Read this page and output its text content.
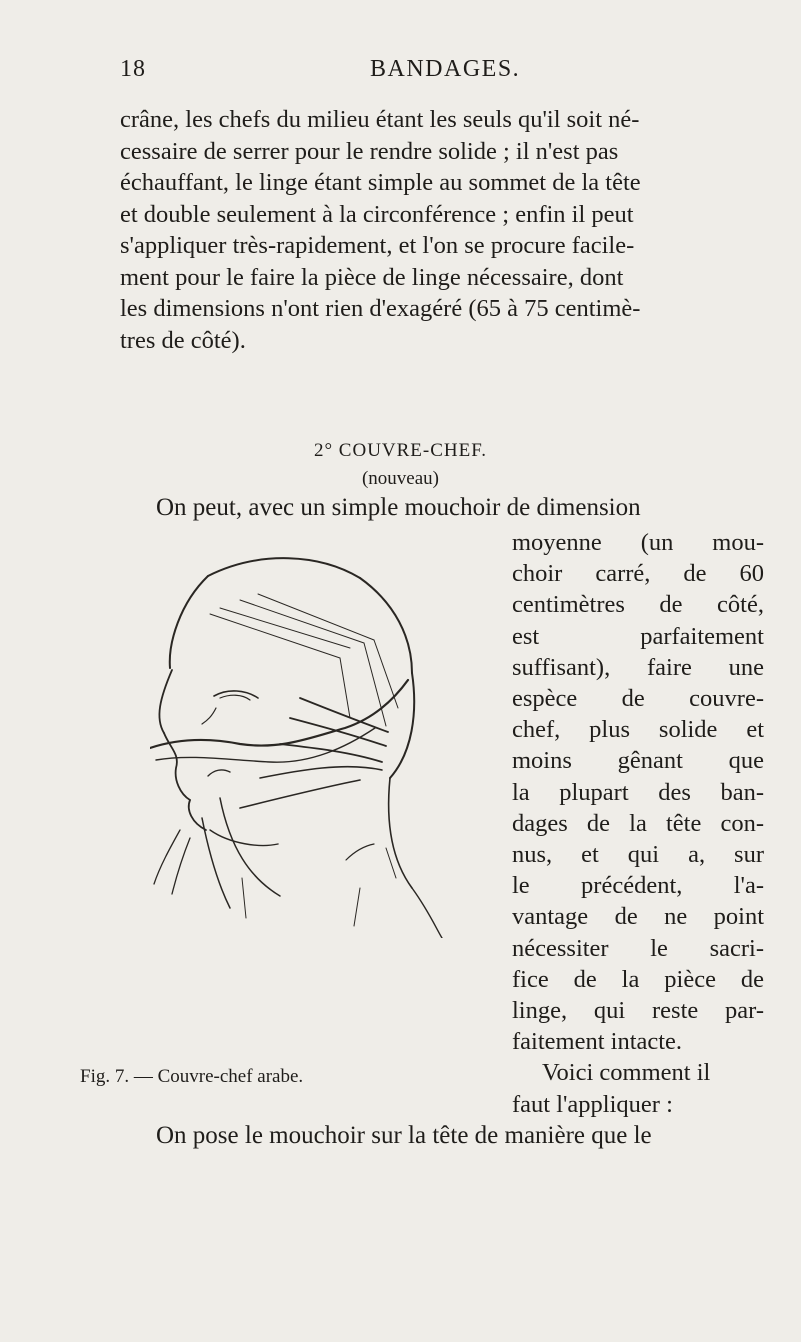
18	BANDAGES.
crâne, les chefs du milieu étant les seuls qu'il soit né-
cessaire de serrer pour le rendre solide ; il n'est pas
échauffant, le linge étant simple au sommet de la tête
et double seulement à la circonférence ; enfin il peut
s'appliquer très-rapidement, et l'on se procure facile-
ment pour le faire la pièce de linge nécessaire, dont
les dimensions n'ont rien d'exagéré (65 à 75 centimè-
tres de côté).
2° COUVRE-CHEF.
(nouveau)
On peut, avec un simple mouchoir de dimension
moyenne (un mou-
choir carré, de 60
centimètres de côté,
est parfaitement
suffisant), faire une
espèce de couvre-
chef, plus solide et
moins gênant que
la plupart des ban-
dages de la tête con-
nus, et qui a, sur
le précédent, l'a-
vantage de ne point
nécessiter le sacri-
fice de la pièce de
linge, qui reste par-
faitement intacte.
Voici comment il
faut l'appliquer :
Fig. 7. — Couvre-chef arabe.
On pose le mouchoir sur la tête de manière que le
